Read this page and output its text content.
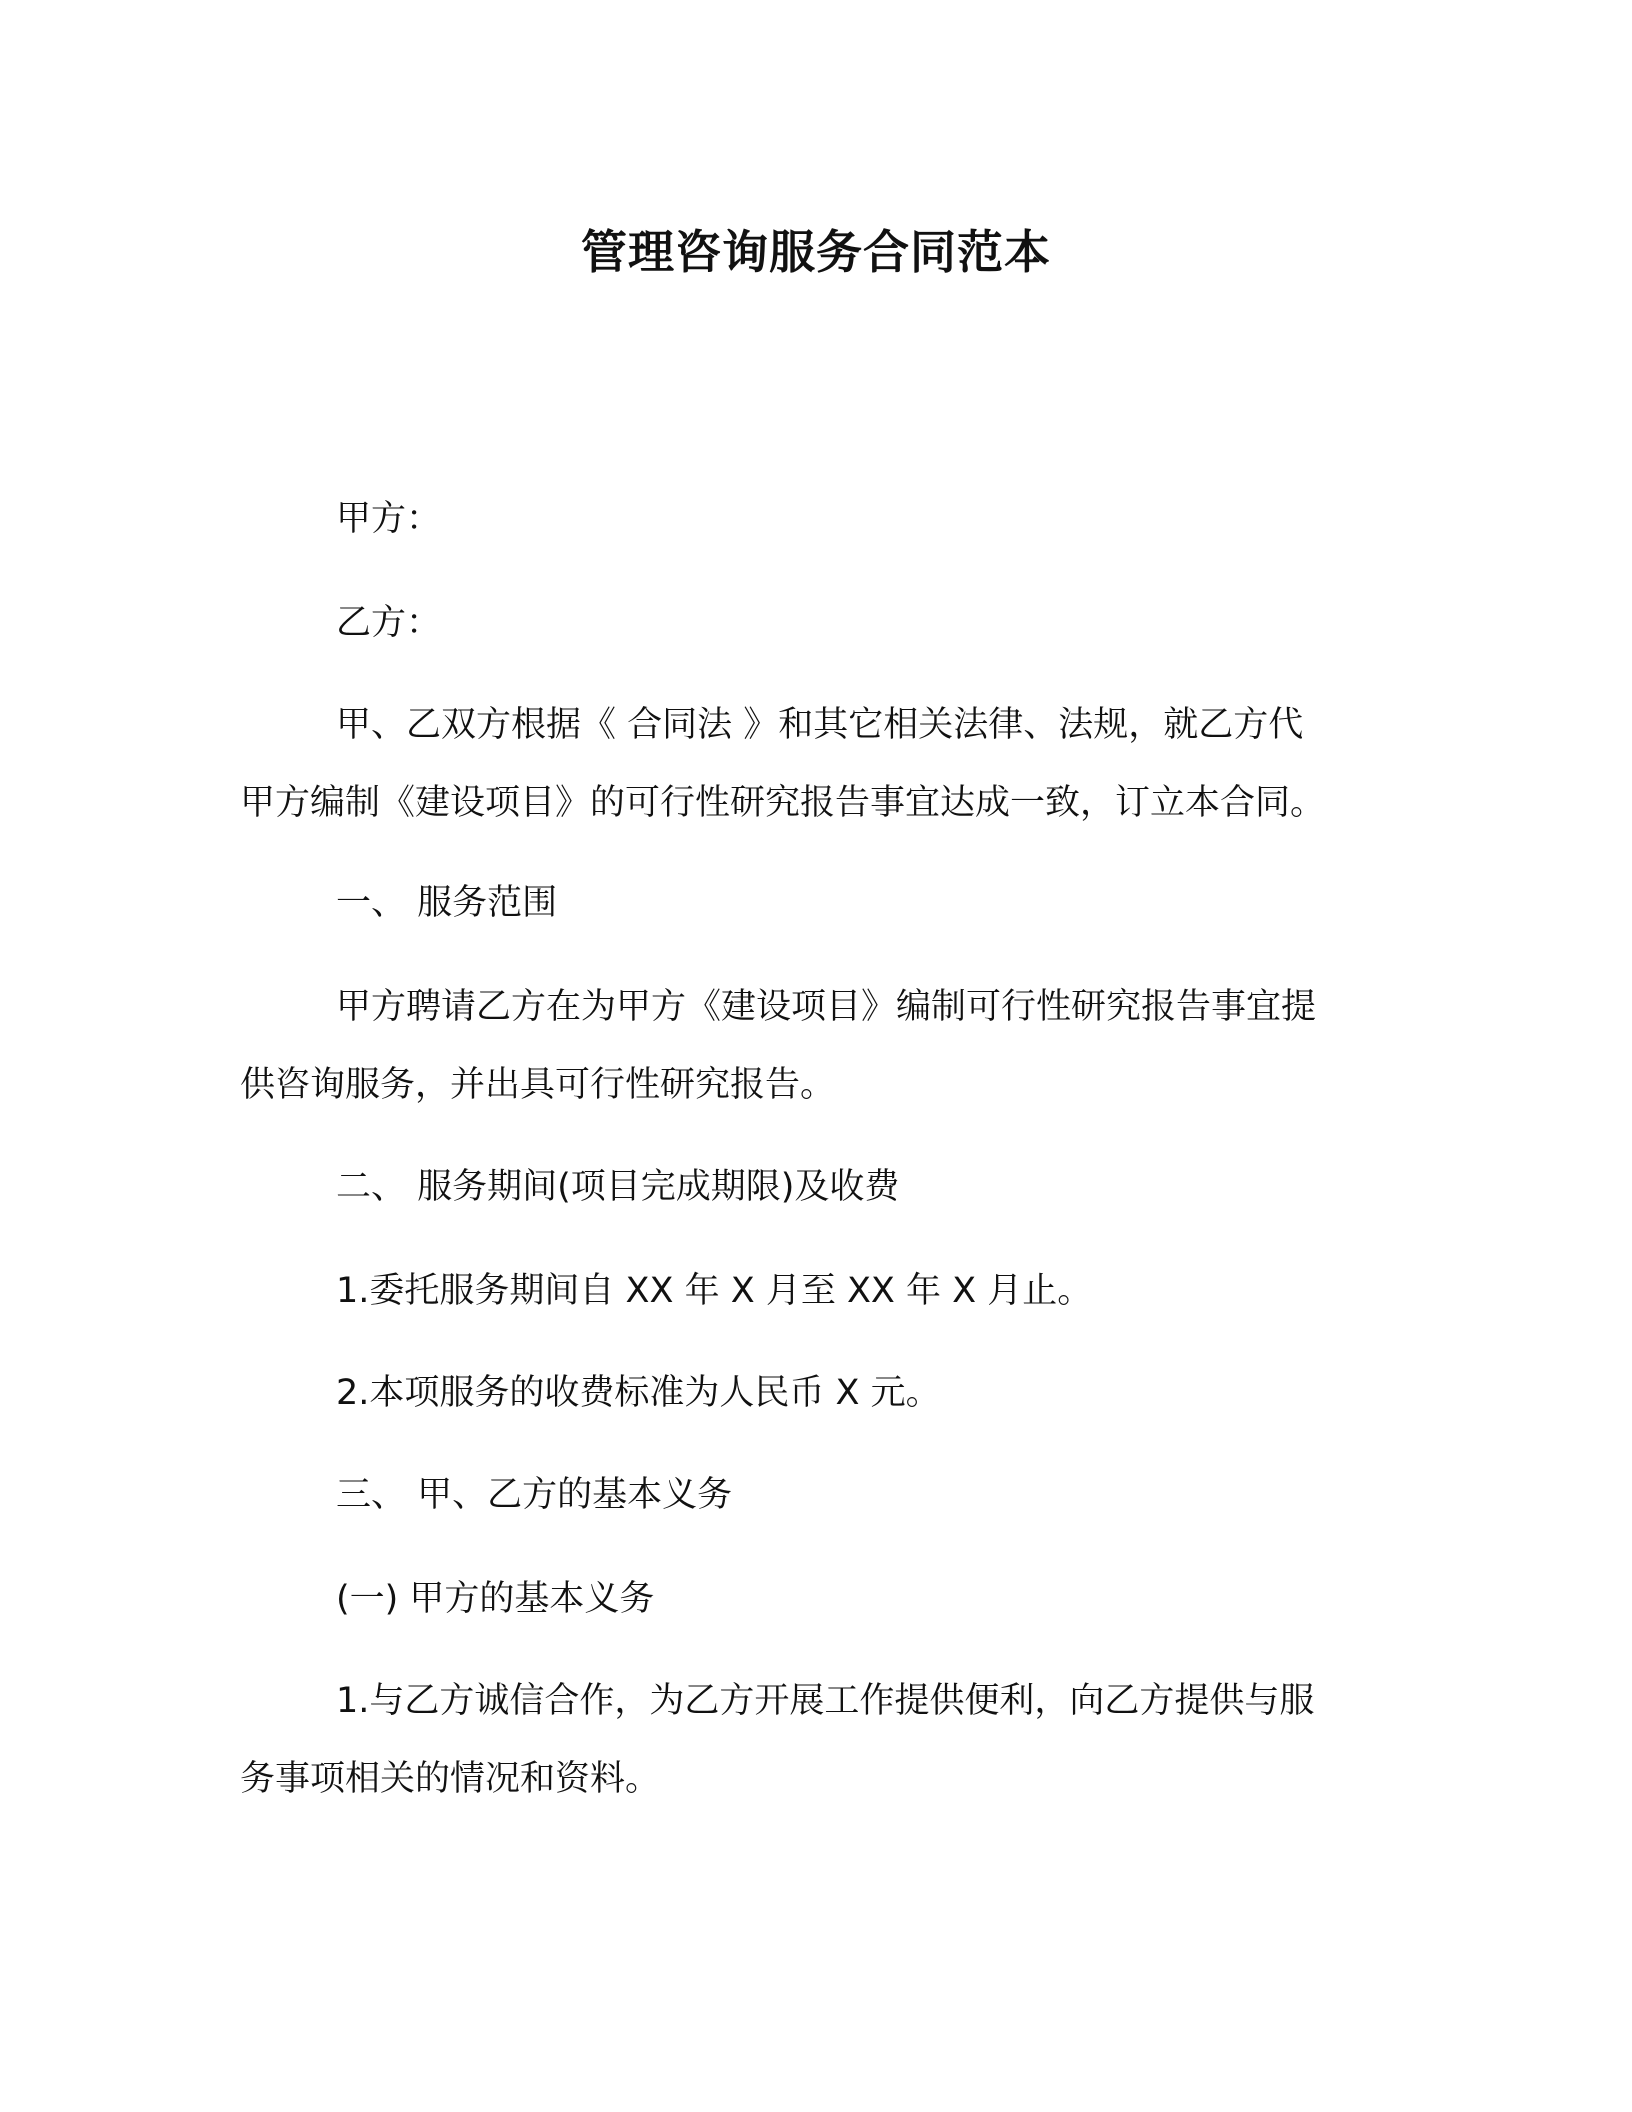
管理咨询服务合同范本
甲方：
乙方：
甲、乙双方根据《 合同法 》和其它相关法律、法规，就乙方代
甲方编制《建设项目》的可行性研究报告事宜达成一致，订立本合同。
一、 服务范围
甲方聘请乙方在为甲方《建设项目》编制可行性研究报告事宜提
供咨询服务，并出具可行性研究报告。
二、 服务期间(项目完成期限)及收费
1.委托服务期间自 XX 年 X 月至 XX 年 X 月止。
2.本项服务的收费标准为人民币 X 元。
三、 甲、乙方的基本义务
(一) 甲方的基本义务
1.与乙方诚信合作，为乙方开展工作提供便利，向乙方提供与服
务事项相关的情况和资料。
